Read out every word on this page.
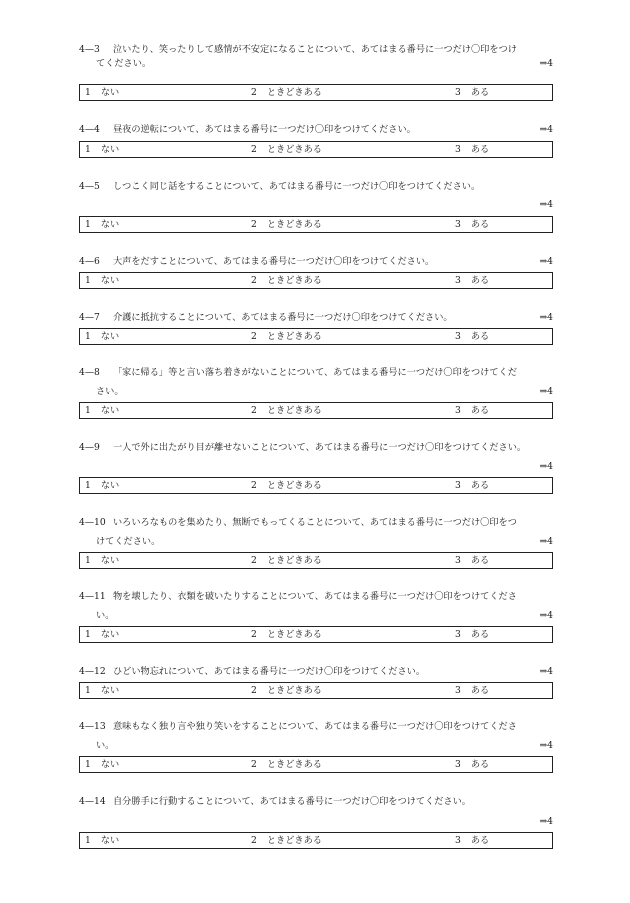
4—3 泣いたり、笑ったりして感情が不安定になることについて、あてはまる番号に一つだけ〇印をつけ
てください。	⇒4
1 ない	2 ときどきある	3 ある
4—4 昼夜の逆転について、あてはまる番号に一つだけ〇印をつけてください。	⇒4
1 ない	2 ときどきある	3 ある
4—5 しつこく同じ話をすることについて、あてはまる番号に一つだけ〇印をつけてください。
⇒4
1 ない	2 ときどきある	3 ある
4—6 大声をだすことについて、あてはまる番号に一つだけ〇印をつけてください。	⇒4
1 ない	2 ときどきある	3 ある
4—7 介護に抵抗することについて、あてはまる番号に一つだけ〇印をつけてください。	⇒4
1 ない	2 ときどきある	3 ある
4—8 「家に帰る」等と言い落ち着きがないことについて、あてはまる番号に一つだけ〇印をつけてくだ
さい。	⇒4
1 ない	2 ときどきある	3 ある
4—9 一人で外に出たがり目が離せないことについて、あてはまる番号に一つだけ〇印をつけてください。
⇒4
1 ない	2 ときどきある	3 ある
4—10 いろいろなものを集めたり、無断でもってくることについて、あてはまる番号に一つだけ〇印をつ
けてください。	⇒4
1 ない	2 ときどきある	3 ある
4—11 物を壊したり、衣類を破いたりすることについて、あてはまる番号に一つだけ〇印をつけてくださ
い。	⇒4
1 ない	2 ときどきある	3 ある
4—12 ひどい物忘れについて、あてはまる番号に一つだけ〇印をつけてください。	⇒4
1 ない	2 ときどきある	3 ある
4—13 意味もなく独り言や独り笑いをすることについて、あてはまる番号に一つだけ〇印をつけてくださ
い。	⇒4
1 ない	2 ときどきある	3 ある
4—14 自分勝手に行動することについて、あてはまる番号に一つだけ〇印をつけてください。
⇒4
1 ない	2 ときどきある	3 ある
